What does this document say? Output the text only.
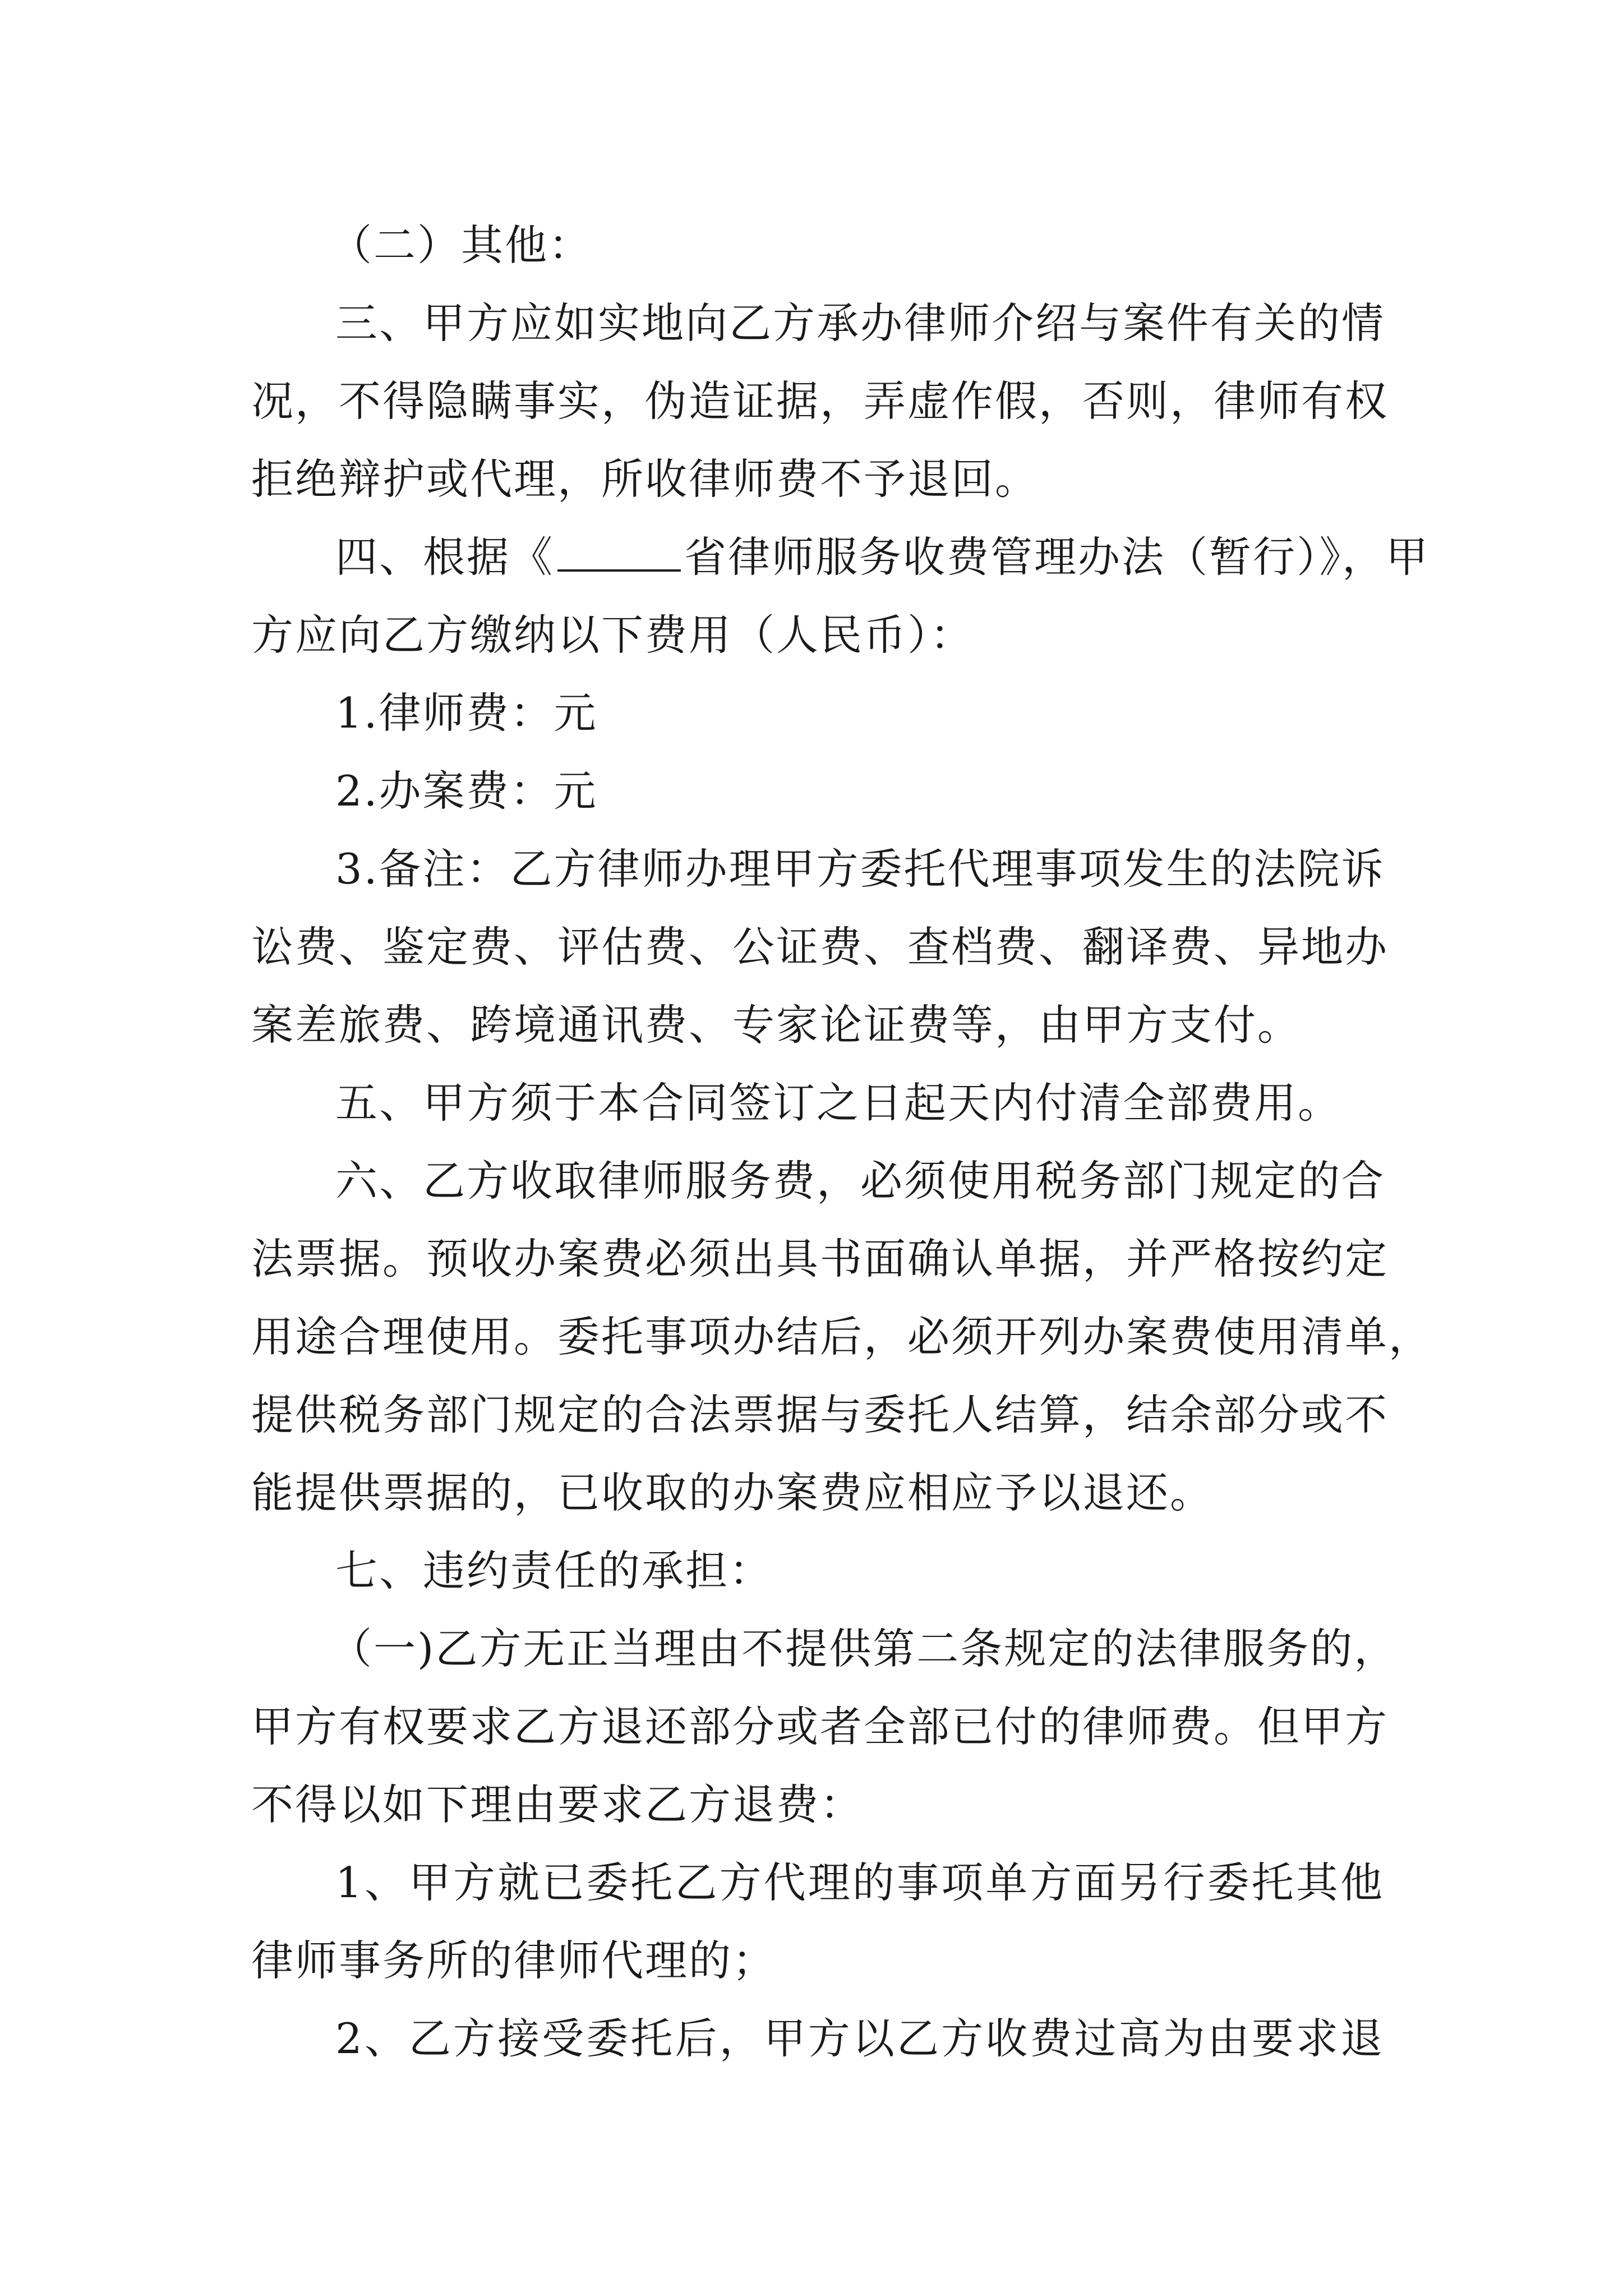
（二）其他：
三、甲方应如实地向乙方承办律师介绍与案件有关的情
况，不得隐瞒事实，伪造证据，弄虚作假，否则，律师有权
拒绝辩护或代理，所收律师费不予退回。
四、根据《	省律师服务收费管理办法（暂行）》，甲
方应向乙方缴纳以下费用（人民币）：
1.律师费：元
2.办案费：元
3.备注：乙方律师办理甲方委托代理事项发生的法院诉
讼费、鉴定费、评估费、公证费、查档费、翻译费、异地办
案差旅费、跨境通讯费、专家论证费等，由甲方支付。
五、甲方须于本合同签订之日起天内付清全部费用。
六、乙方收取律师服务费，必须使用税务部门规定的合
法票据。预收办案费必须出具书面确认单据，并严格按约定
用途合理使用。委托事项办结后，必须开列办案费使用清单，
提供税务部门规定的合法票据与委托人结算，结余部分或不
能提供票据的，已收取的办案费应相应予以退还。
七、违约责任的承担：
（一)乙方无正当理由不提供第二条规定的法律服务的，
甲方有权要求乙方退还部分或者全部已付的律师费。但甲方
不得以如下理由要求乙方退费：
1、甲方就已委托乙方代理的事项单方面另行委托其他
律师事务所的律师代理的；
2、乙方接受委托后，甲方以乙方收费过高为由要求退
